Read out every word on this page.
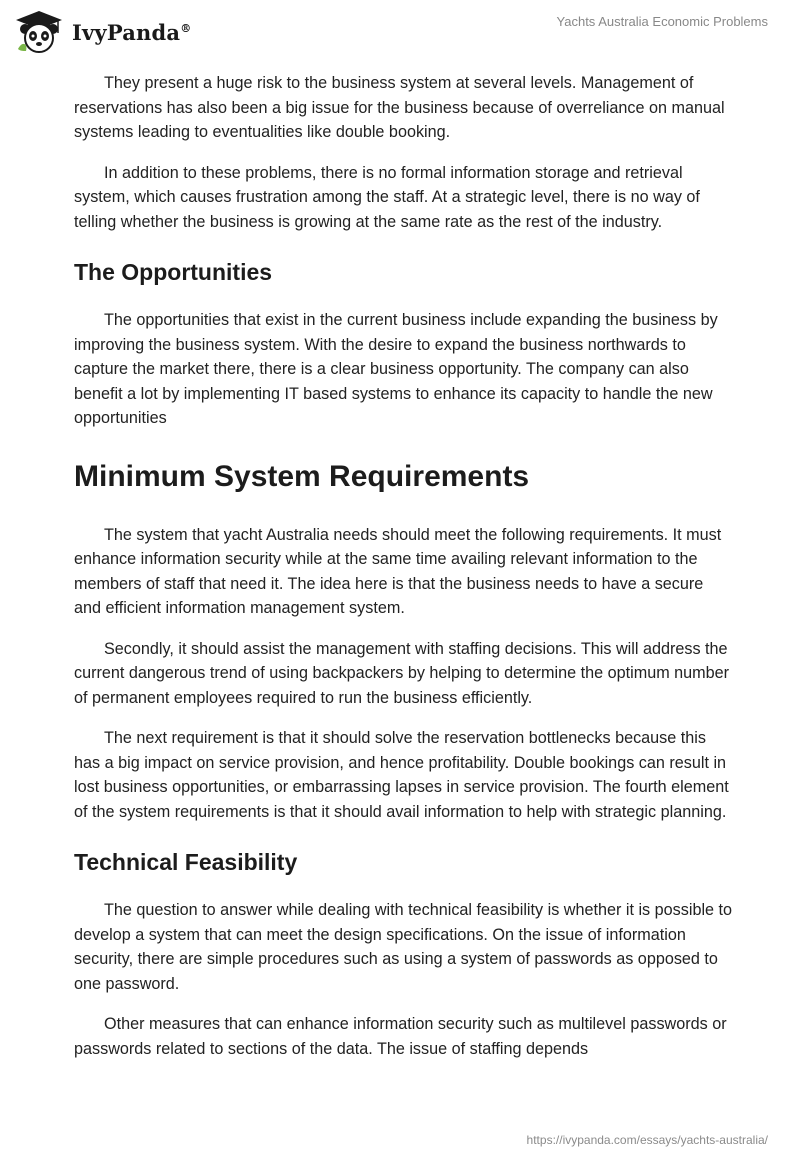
IvyPanda®	Yachts Australia Economic Problems

They present a huge risk to the business system at several levels. Management of reservations has also been a big issue for the business because of overreliance on manual systems leading to eventualities like double booking.

In addition to these problems, there is no formal information storage and retrieval system, which causes frustration among the staff. At a strategic level, there is no way of telling whether the business is growing at the same rate as the rest of the industry.

The Opportunities

The opportunities that exist in the current business include expanding the business by improving the business system. With the desire to expand the business northwards to capture the market there, there is a clear business opportunity. The company can also benefit a lot by implementing IT based systems to enhance its capacity to handle the new opportunities

Minimum System Requirements

The system that yacht Australia needs should meet the following requirements. It must enhance information security while at the same time availing relevant information to the members of staff that need it. The idea here is that the business needs to have a secure and efficient information management system.

Secondly, it should assist the management with staffing decisions. This will address the current dangerous trend of using backpackers by helping to determine the optimum number of permanent employees required to run the business efficiently.

The next requirement is that it should solve the reservation bottlenecks because this has a big impact on service provision, and hence profitability. Double bookings can result in lost business opportunities, or embarrassing lapses in service provision. The fourth element of the system requirements is that it should avail information to help with strategic planning.

Technical Feasibility

The question to answer while dealing with technical feasibility is whether it is possible to develop a system that can meet the design specifications. On the issue of information security, there are simple procedures such as using a system of passwords as opposed to one password.

Other measures that can enhance information security such as multilevel passwords or passwords related to sections of the data. The issue of staffing depends

https://ivypanda.com/essays/yachts-australia/
